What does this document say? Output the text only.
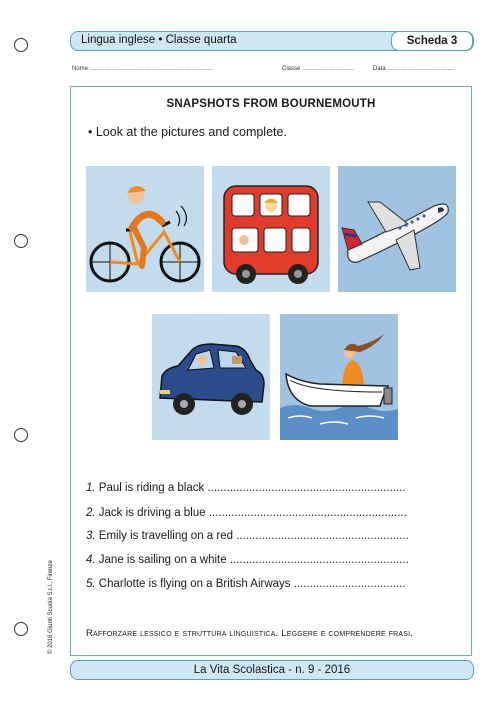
Lingua inglese • Classe quarta	Scheda 3
Nome ..........................................................................	Classe ...............................	Data ........................................
SNAPSHOTS FROM BOURNEMOUTH
• Look at the pictures and complete.
1. Paul is riding a black ..............................................................
2. Jack is driving a blue ..............................................................
3. Emily is travelling on a red ......................................................
4. Jane is sailing on a white ........................................................
5. Charlotte is flying on a British Airways ...................................
Rafforzare lessico e struttura linguistica. Leggere e comprendere frasi.
© 2016 Giunti Scuola S.r.l., Firenze
La Vita Scolastica - n. 9 - 2016
